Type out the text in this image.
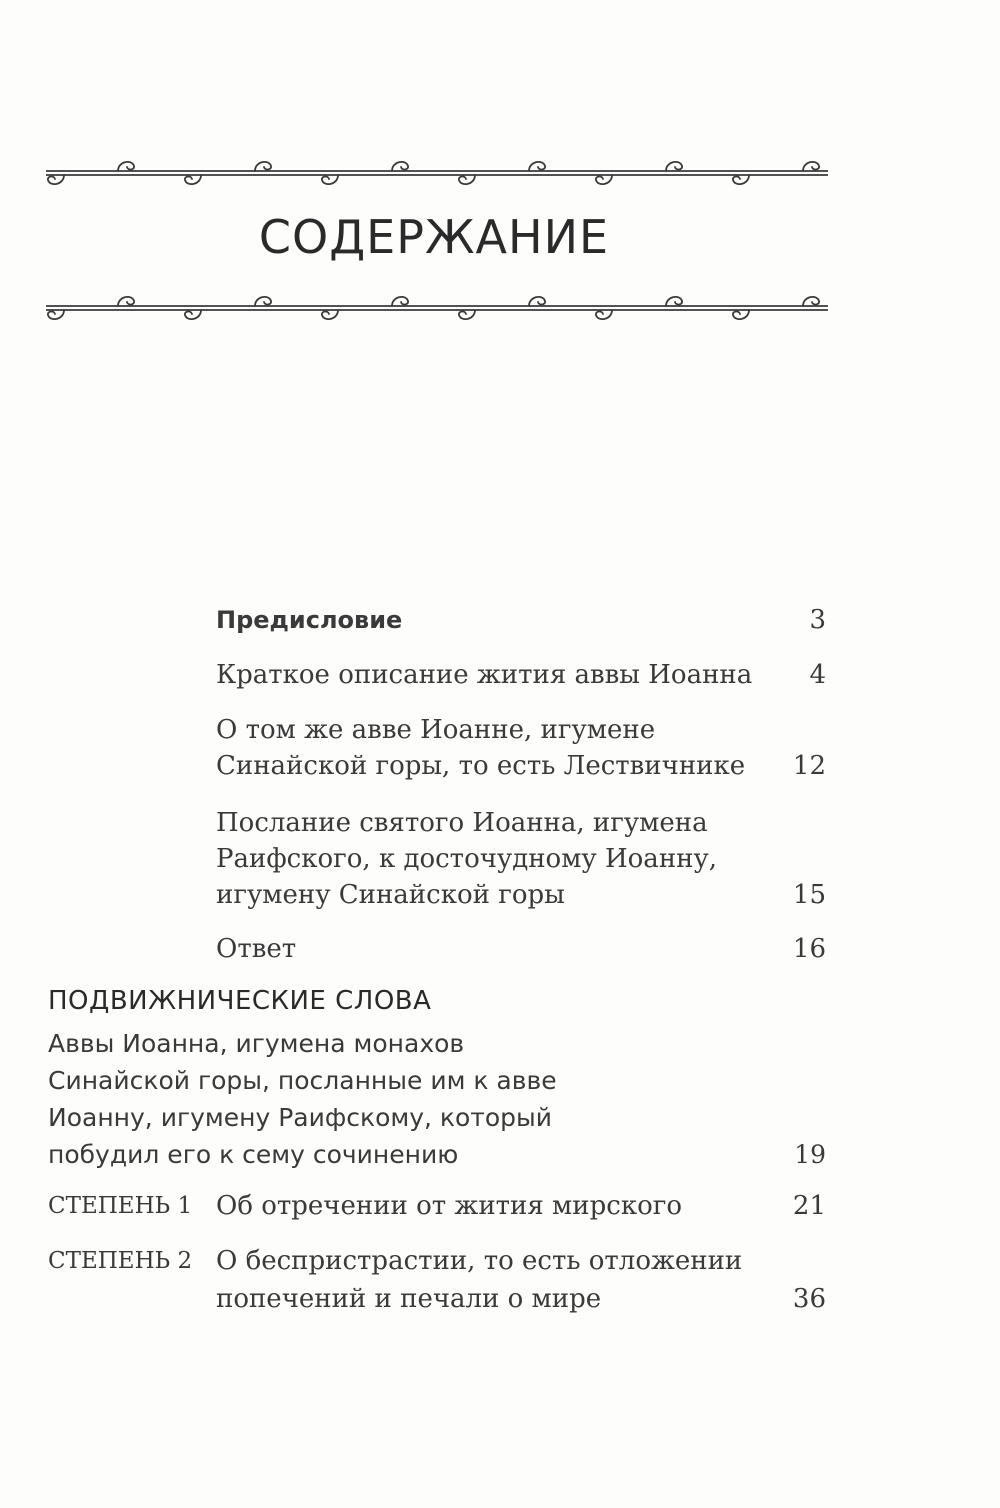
СОДЕРЖАНИЕ
Предисловие	3
Краткое описание жития аввы Иоанна	4
О том же авве Иоанне, игумене Синайской горы, то есть Лествичнике	12
Послание святого Иоанна, игумена Раифского, к досточудному Иоанну, игумену Синайской горы	15
Ответ	16
ПОДВИЖНИЧЕСКИЕ СЛОВА
Аввы Иоанна, игумена монахов Синайской горы, посланные им к авве Иоанну, игумену Раифскому, который побудил его к сему сочинению	19
СТЕПЕНЬ 1 Об отречении от жития мирского	21
СТЕПЕНЬ 2 О беспристрастии, то есть отложении попечений и печали о мире	36
